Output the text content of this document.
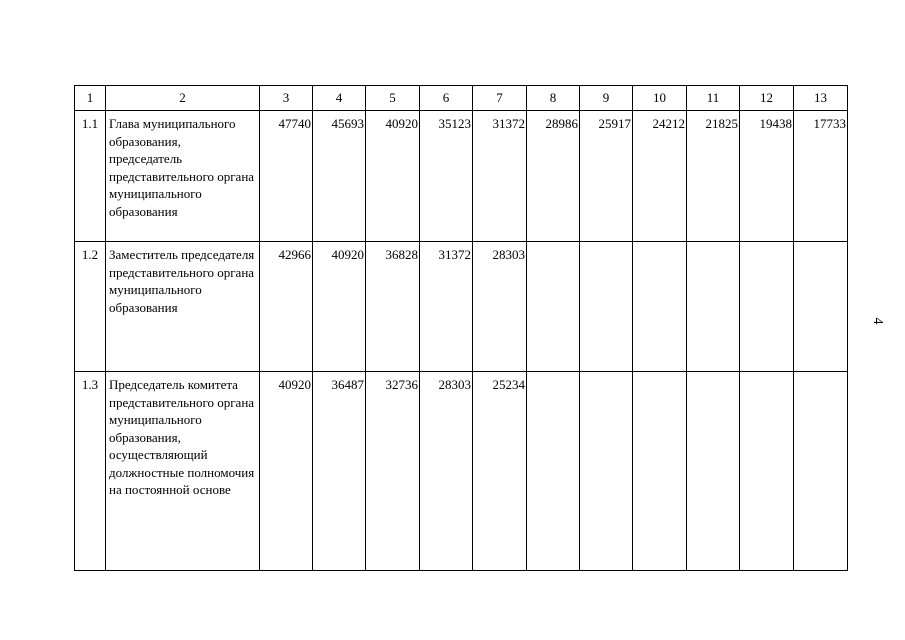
1	2	3	4	5	6	7	8	9	10	11	12	13
1.1	Глава муниципального образования, председатель представительного органа муниципального образования	47740	45693	40920	35123	31372	28986	25917	24212	21825	19438	17733
1.2	Заместитель председателя представительного органа муниципального образования	42966	40920	36828	31372	28303						
1.3	Председатель комитета представительного органа муниципального образования, осуществляющий должностные полномочия на постоянной основе	40920	36487	32736	28303	25234						
4
